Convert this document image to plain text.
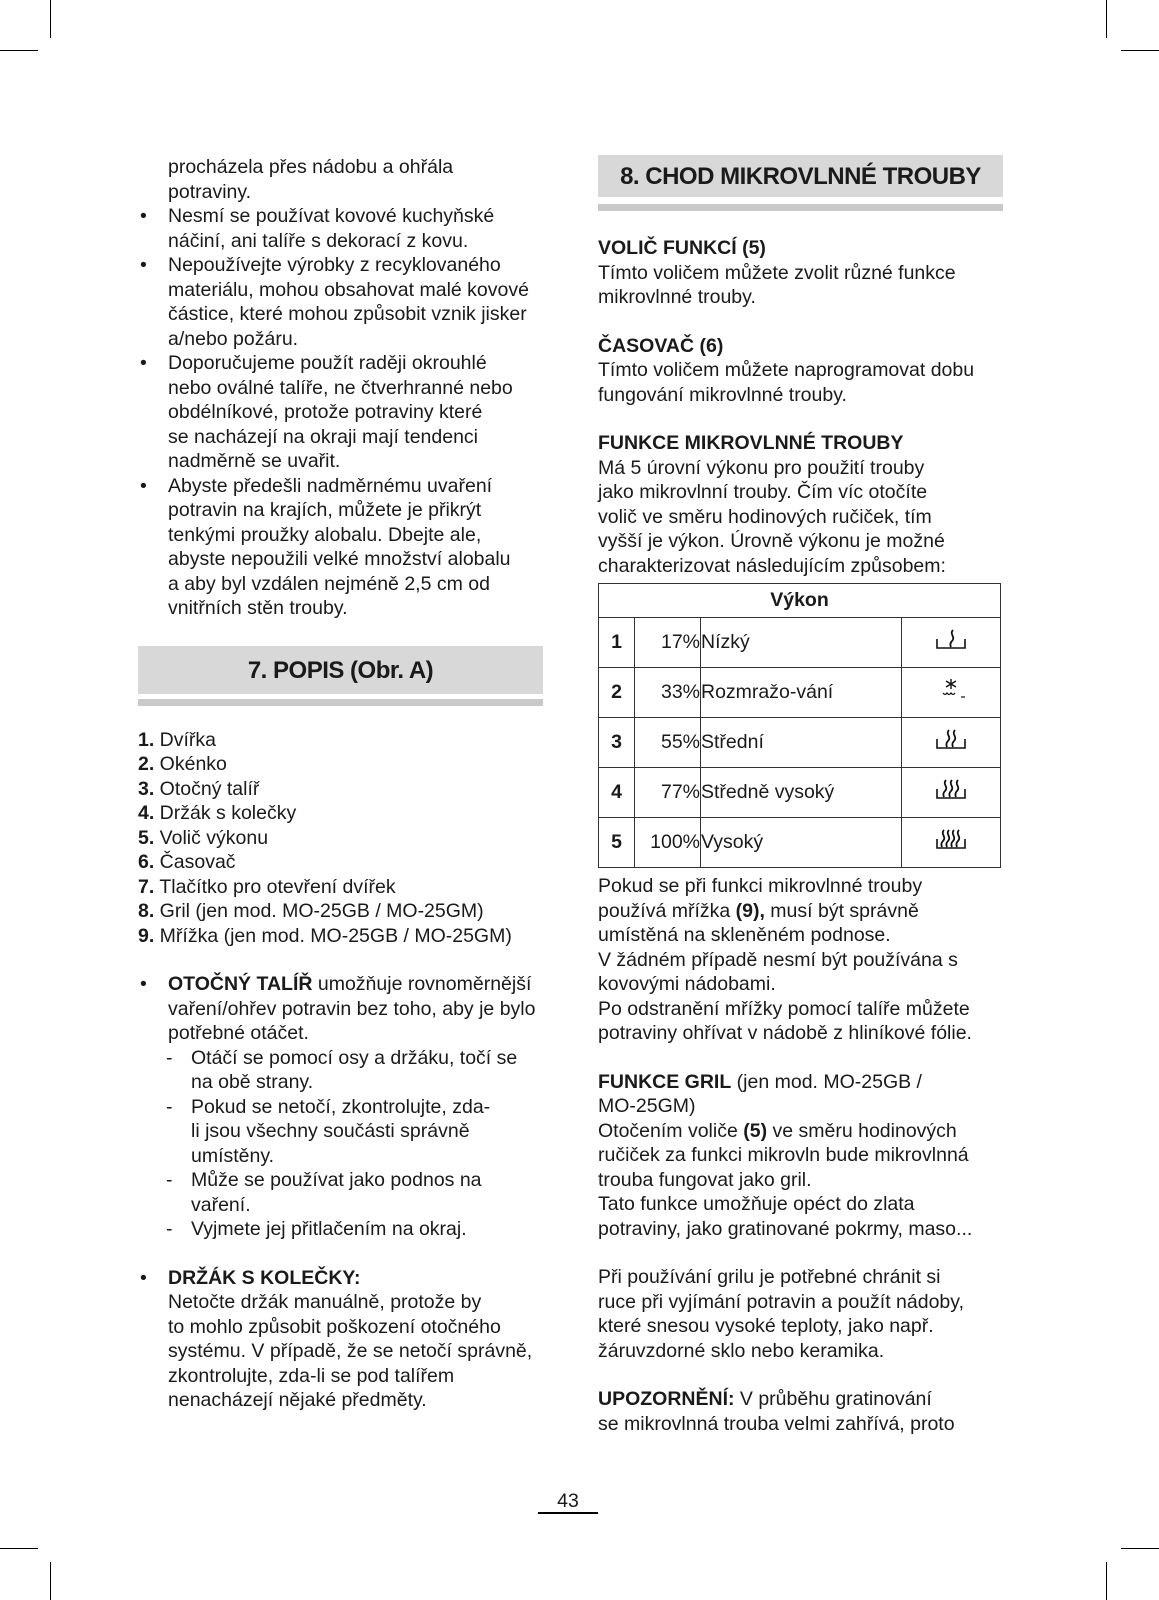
procházela přes nádobu a ohřála

potraviny.

• Nesmí se používat kovové kuchyňské

náčiní, ani talíře s dekorací z kovu.

• Nepoužívejte výrobky z recyklovaného

materiálu, mohou obsahovat malé kovové

částice, které mohou způsobit vznik jisker

a/nebo požáru.

• Doporučujeme použít raději okrouhlé

nebo oválné talíře, ne čtverhranné nebo

obdélníkové, protože potraviny které

se nacházejí na okraji mají tendenci

nadměrně se uvařit.

• Abyste předešli nadměrnému uvaření

potravin na krajích, můžete je přikrýt

tenkými proužky alobalu. Dbejte ale,

abyste nepoužili velké množství alobalu

a aby byl vzdálen nejméně 2,5 cm od

vnitřních stěn trouby.

7. POPIS (Obr. A)

1. Dvířka

2. Okénko

3. Otočný talíř

4. Držák s kolečky

5. Volič výkonu

6. Časovač

7. Tlačítko pro otevření dvířek

8. Gril (jen mod. MO-25GB / MO-25GM)

9. Mřížka (jen mod. MO-25GB / MO-25GM)

• OTOČNÝ TALÍŘ umožňuje rovnoměrnější

vaření/ohřev potravin bez toho, aby je bylo

potřebné otáčet.

- Otáčí se pomocí osy a držáku, točí se

na obě strany.

- Pokud se netočí, zkontrolujte, zda-

li jsou všechny součásti správně

umístěny.

- Může se používat jako podnos na

vaření.

- Vyjmete jej přitlačením na okraj.

• DRŽÁK S KOLEČKY:

Netočte držák manuálně, protože by

to mohlo způsobit poškození otočného

systému. V případě, že se netočí správně,

zkontrolujte, zda-li se pod talířem

nenacházejí nějaké předměty.

8. CHOD MIKROVLNNÉ TROUBY
VOLIČ FUNKCÍ (5)

Tímto voličem můžete zvolit různé funkce

mikrovlnné trouby.

ČASOVAČ (6)

Tímto voličem můžete naprogramovat dobu

fungování mikrovlnné trouby.

FUNKCE MIKROVLNNÉ TROUBY

Má 5 úrovní výkonu pro použití trouby

jako mikrovlnní trouby. Čím víc otočíte

volič ve směru hodinových ručiček, tím

vyšší je výkon. Úrovně výkonu je možné

charakterizovat následujícím způsobem:

Výkon			
1	17%	Nízký	
2	33%	Rozmražo-vání	
3	55%	Střední	
4	77%	Středně vysoký	
5	100%	Vysoký	

Pokud se při funkci mikrovlnné trouby

používá mřížka (9), musí být správně

umístěná na skleněném podnose.

V žádném případě nesmí být používána s

kovovými nádobami.

Po odstranění mřížky pomocí talíře můžete

potraviny ohřívat v nádobě z hliníkové fólie.

FUNKCE GRIL (jen mod. MO-25GB /

MO-25GM)

Otočením voliče (5) ve směru hodinových

ručiček za funkci mikrovln bude mikrovlnná

trouba fungovat jako gril.

Tato funkce umožňuje opéct do zlata

potraviny, jako gratinované pokrmy, maso...

Při používání grilu je potřebné chránit si

ruce při vyjímání potravin a použít nádoby,

které snesou vysoké teploty, jako např.

žáruvzdorné sklo nebo keramika.

UPOZORNĚNÍ: V průběhu gratinování

se mikrovlnná trouba velmi zahřívá, proto

43
